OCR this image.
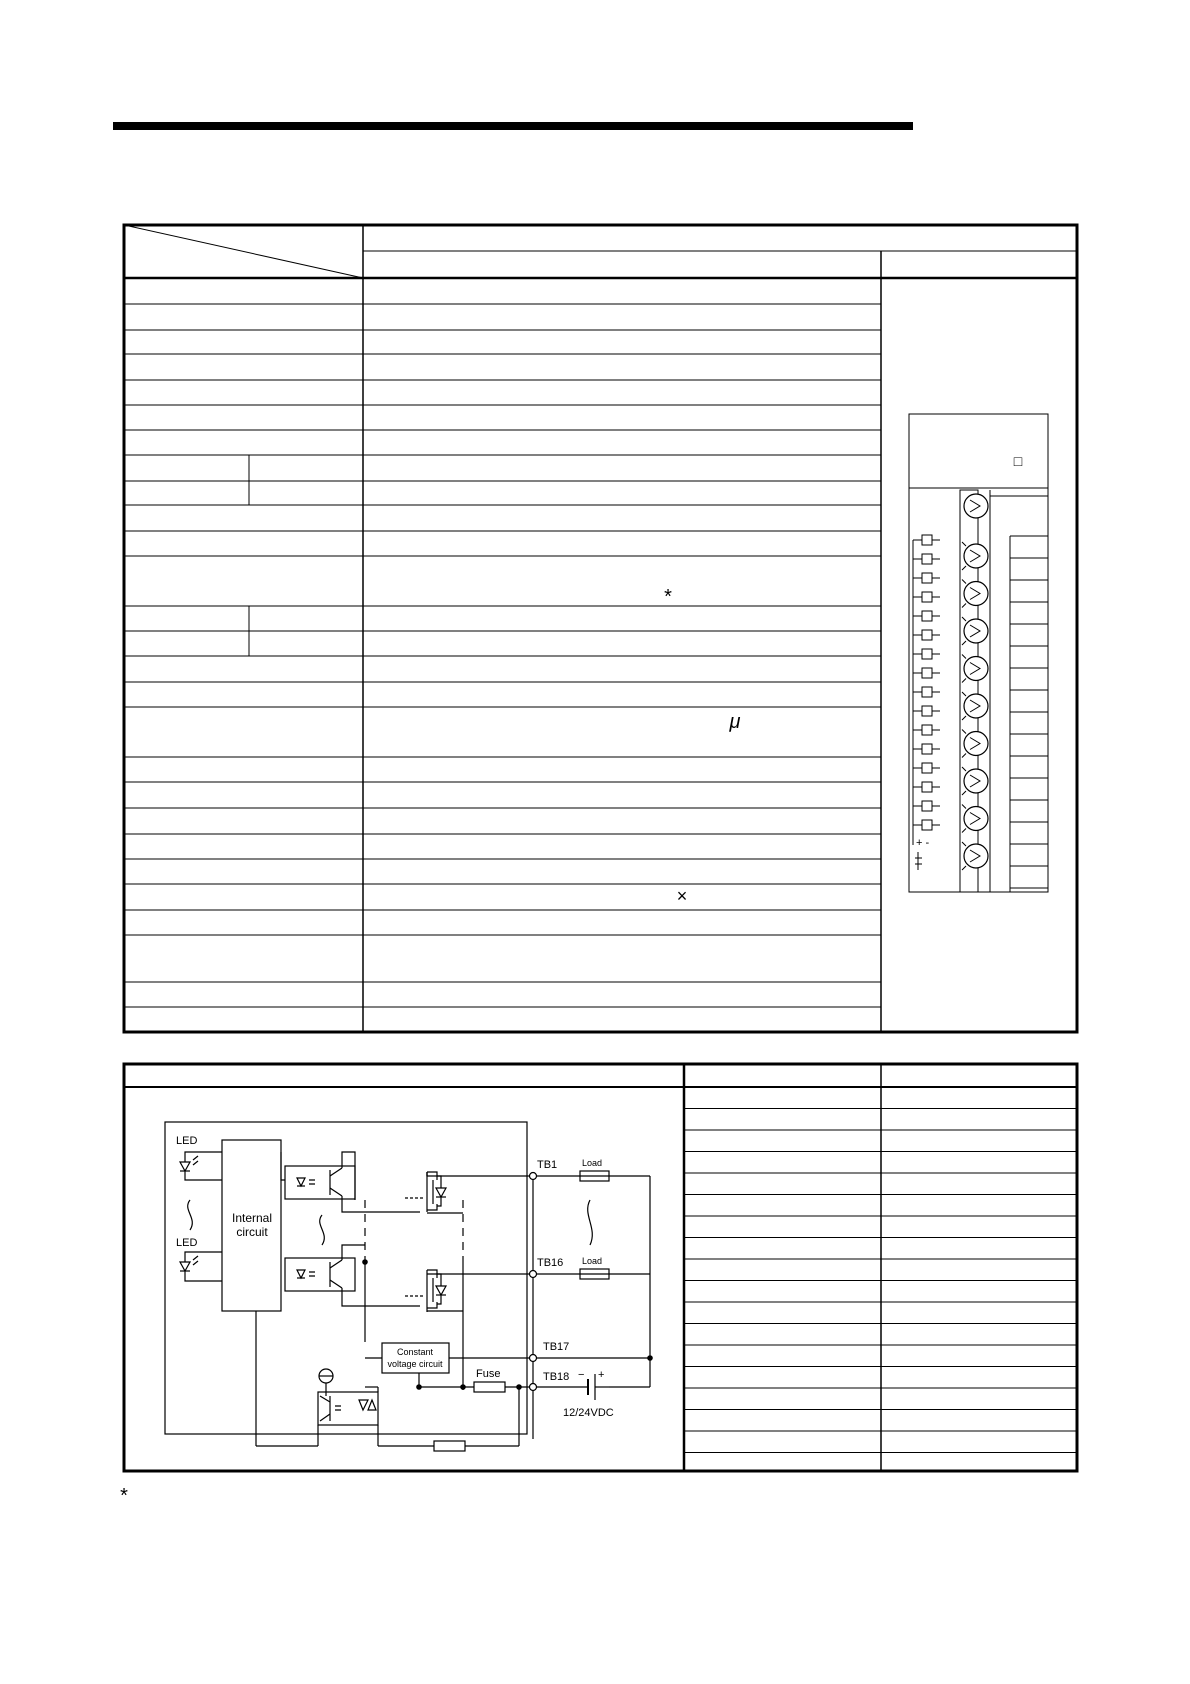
*
μ
×
□
+ -
LED
LED
Internal
circuit
TB1
TB16
TB17
TB18
Load
Load
Constant
voltage circuit
Fuse	− +
12/24VDC
*
